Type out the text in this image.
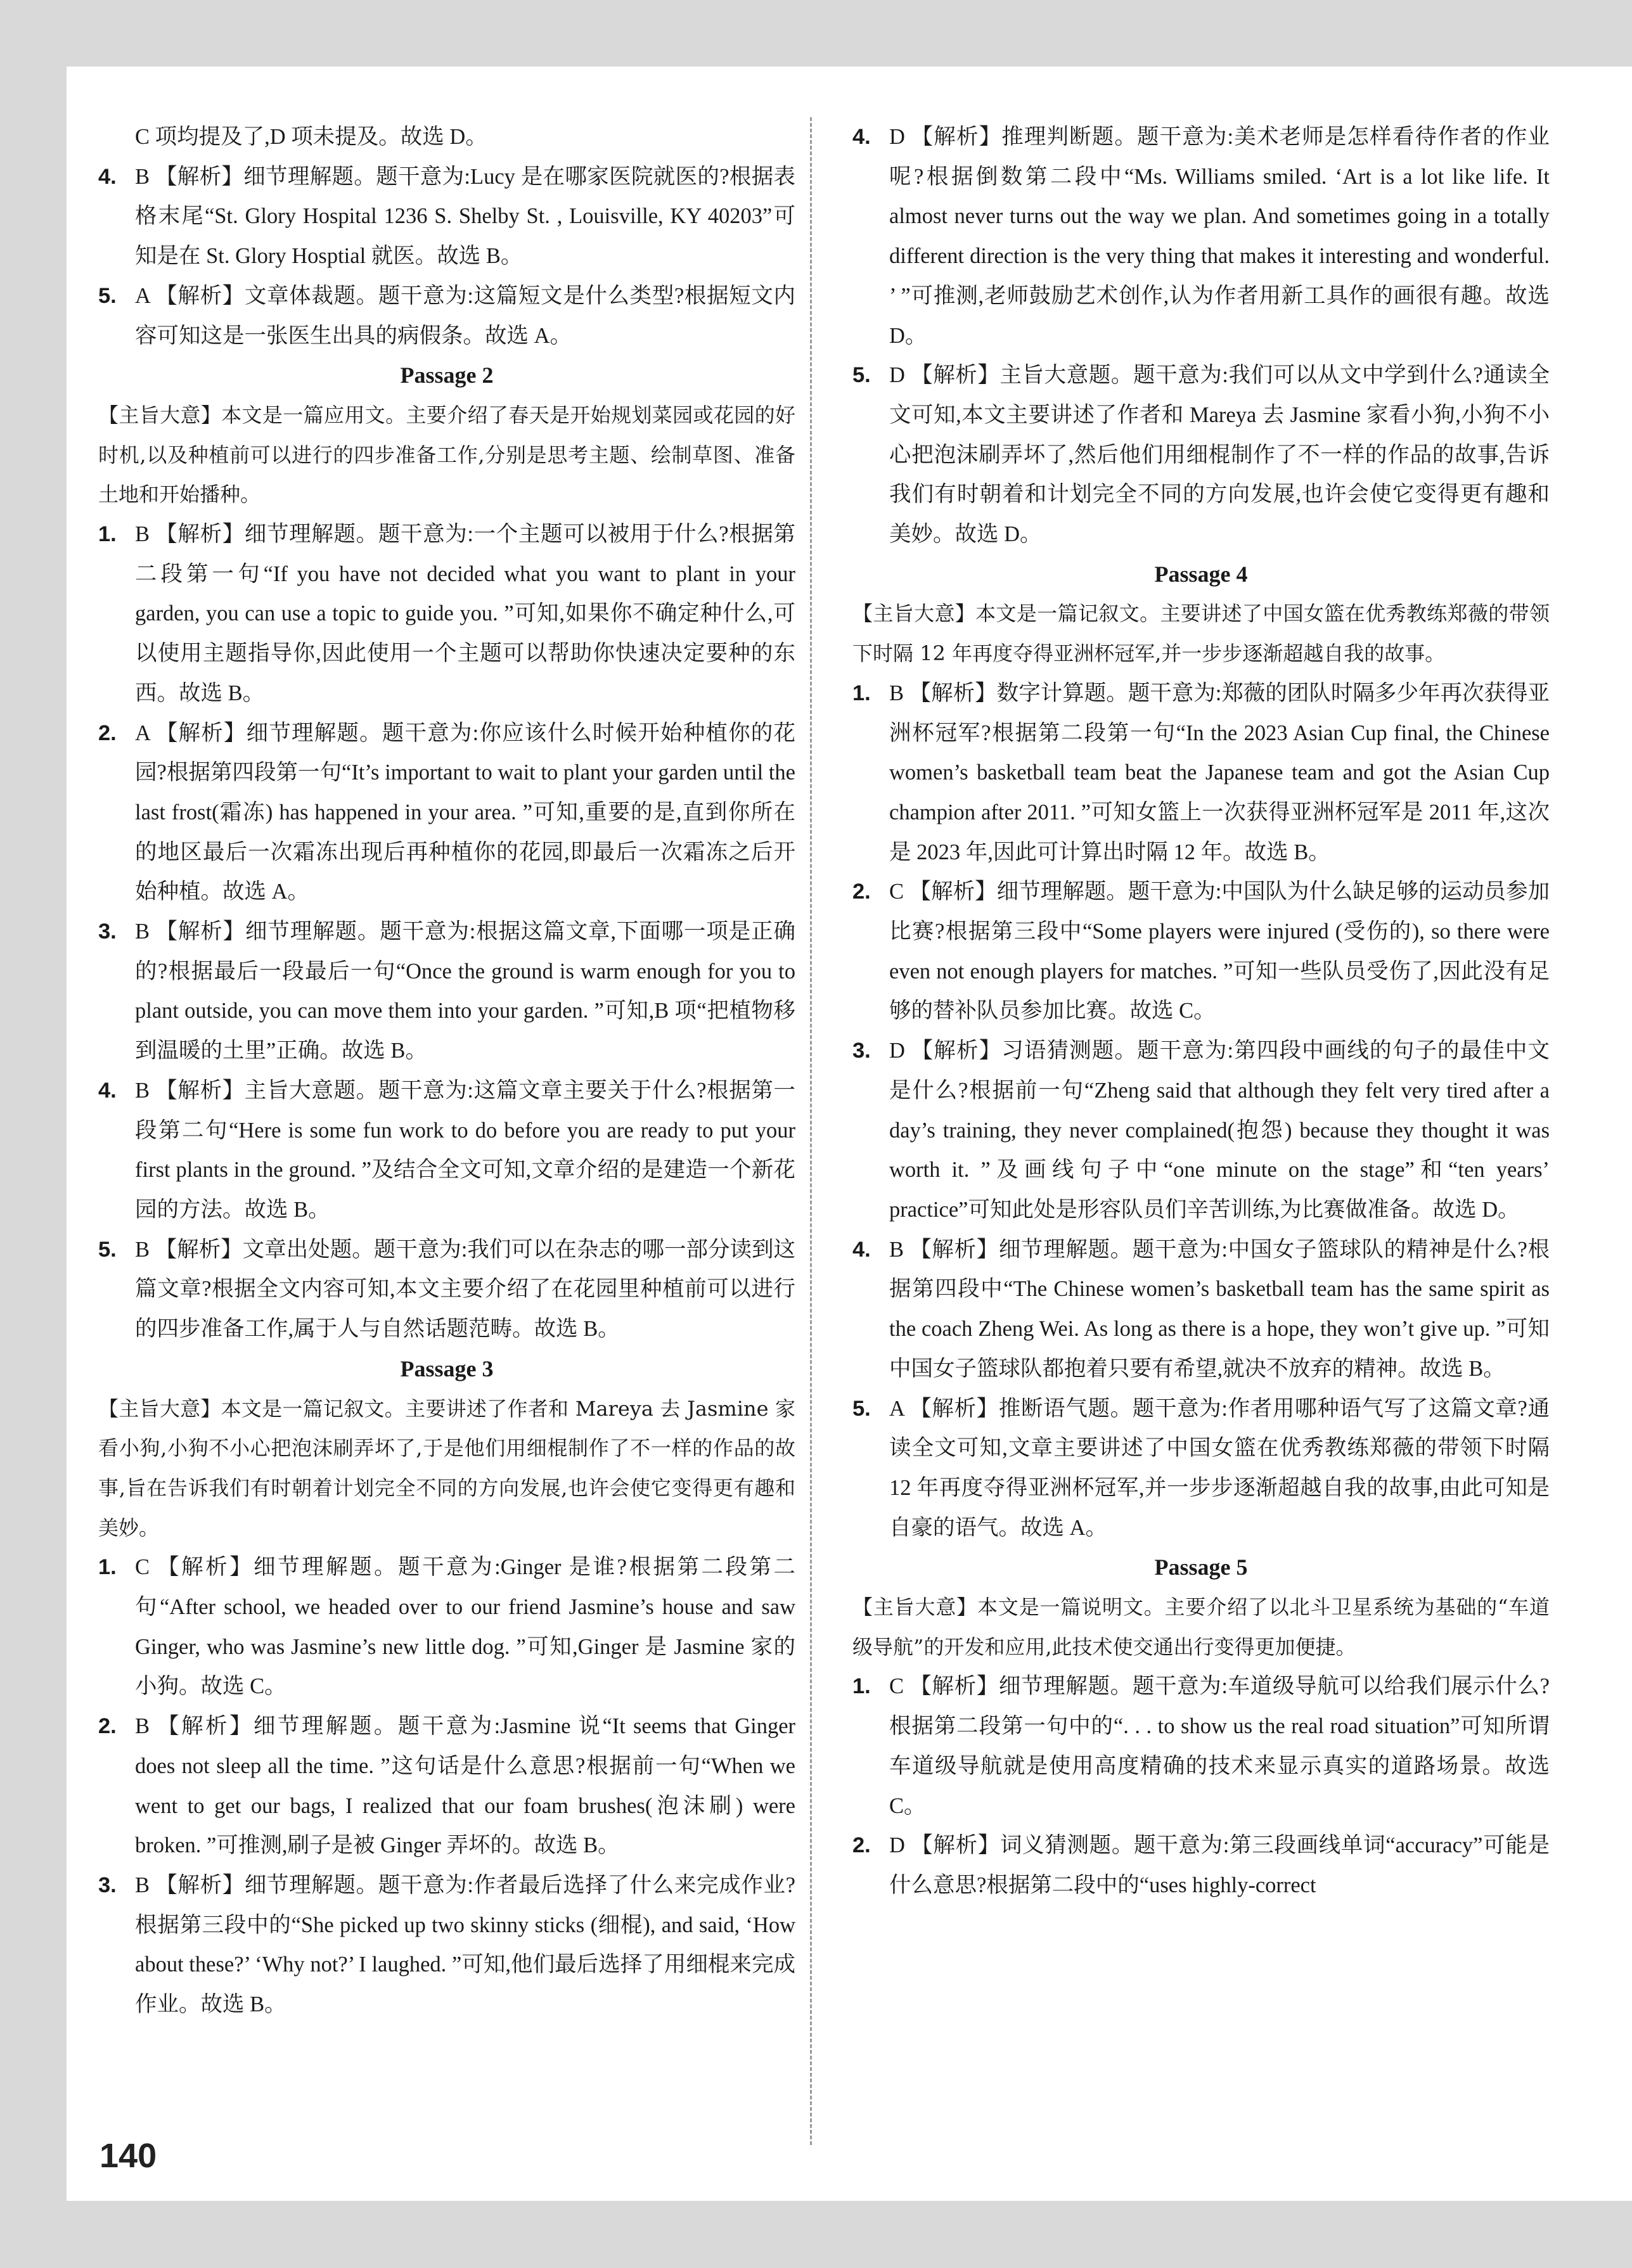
C 项均提及了,D 项未提及。故选 D。

4. B 【解析】细节理解题。题干意为:Lucy 是在哪家医院就医的?根据表格末尾“St. Glory Hospital 1236 S. Shelby St. , Louisville, KY 40203”可知是在 St. Glory Hosptial 就医。故选 B。
5. A 【解析】文章体裁题。题干意为:这篇短文是什么类型?根据短文内容可知这是一张医生出具的病假条。故选 A。

Passage 2

【主旨大意】本文是一篇应用文。主要介绍了春天是开始规划菜园或花园的好时机,以及种植前可以进行的四步准备工作,分别是思考主题、绘制草图、准备土地和开始播种。

1. B 【解析】细节理解题。题干意为:一个主题可以被用于什么?根据第二段第一句“If you have not decided what you want to plant in your garden, you can use a topic to guide you. ”可知,如果你不确定种什么,可以使用主题指导你,因此使用一个主题可以帮助你快速决定要种的东西。故选 B。
2. A 【解析】细节理解题。题干意为:你应该什么时候开始种植你的花园?根据第四段第一句“It’s important to wait to plant your garden until the last frost(霜冻) has happened in your area. ”可知,重要的是,直到你所在的地区最后一次霜冻出现后再种植你的花园,即最后一次霜冻之后开始种植。故选 A。
3. B 【解析】细节理解题。题干意为:根据这篇文章,下面哪一项是正确的?根据最后一段最后一句“Once the ground is warm enough for you to plant outside, you can move them into your garden. ”可知,B 项“把植物移到温暖的土里”正确。故选 B。
4. B 【解析】主旨大意题。题干意为:这篇文章主要关于什么?根据第一段第二句“Here is some fun work to do before you are ready to put your first plants in the ground. ”及结合全文可知,文章介绍的是建造一个新花园的方法。故选 B。
5. B 【解析】文章出处题。题干意为:我们可以在杂志的哪一部分读到这篇文章?根据全文内容可知,本文主要介绍了在花园里种植前可以进行的四步准备工作,属于人与自然话题范畴。故选 B。

Passage 3

【主旨大意】本文是一篇记叙文。主要讲述了作者和 Mareya 去 Jasmine 家看小狗,小狗不小心把泡沫刷弄坏了,于是他们用细棍制作了不一样的作品的故事,旨在告诉我们有时朝着计划完全不同的方向发展,也许会使它变得更有趣和美妙。

1. C 【解析】细节理解题。题干意为:Ginger 是谁?根据第二段第二句“After school, we headed over to our friend Jasmine’s house and saw Ginger, who was Jasmine’s new little dog. ”可知,Ginger 是 Jasmine 家的小狗。故选 C。
2. B 【解析】细节理解题。题干意为:Jasmine 说“It seems that Ginger does not sleep all the time. ”这句话是什么意思?根据前一句“When we went to get our bags, I realized that our foam brushes(泡沫刷) were broken. ”可推测,刷子是被 Ginger 弄坏的。故选 B。
3. B 【解析】细节理解题。题干意为:作者最后选择了什么来完成作业?根据第三段中的“She picked up two skinny sticks (细棍), and said, ‘How about these?’ ‘Why not?’ I laughed. ”可知,他们最后选择了用细棍来完成作业。故选 B。
4. D 【解析】推理判断题。题干意为:美术老师是怎样看待作者的作业呢?根据倒数第二段中“Ms. Williams smiled. ‘Art is a lot like life. It almost never turns out the way we plan. And sometimes going in a totally different direction is the very thing that makes it interesting and wonderful. ’ ”可推测,老师鼓励艺术创作,认为作者用新工具作的画很有趣。故选 D。
5. D 【解析】主旨大意题。题干意为:我们可以从文中学到什么?通读全文可知,本文主要讲述了作者和 Mareya 去 Jasmine 家看小狗,小狗不小心把泡沫刷弄坏了,然后他们用细棍制作了不一样的作品的故事,告诉我们有时朝着和计划完全不同的方向发展,也许会使它变得更有趣和美妙。故选 D。

Passage 4

【主旨大意】本文是一篇记叙文。主要讲述了中国女篮在优秀教练郑薇的带领下时隔 12 年再度夺得亚洲杯冠军,并一步步逐渐超越自我的故事。

1. B 【解析】数字计算题。题干意为:郑薇的团队时隔多少年再次获得亚洲杯冠军?根据第二段第一句“In the 2023 Asian Cup final, the Chinese women’s basketball team beat the Japanese team and got the Asian Cup champion after 2011. ”可知女篮上一次获得亚洲杯冠军是 2011 年,这次是 2023 年,因此可计算出时隔 12 年。故选 B。
2. C 【解析】细节理解题。题干意为:中国队为什么缺足够的运动员参加比赛?根据第三段中“Some players were injured (受伤的), so there were even not enough players for matches. ”可知一些队员受伤了,因此没有足够的替补队员参加比赛。故选 C。
3. D 【解析】习语猜测题。题干意为:第四段中画线的句子的最佳中文是什么?根据前一句“Zheng said that although they felt very tired after a day’s training, they never complained(抱怨) because they thought it was worth it. ”及画线句子中“one minute on the stage”和“ten years’ practice”可知此处是形容队员们辛苦训练,为比赛做准备。故选 D。
4. B 【解析】细节理解题。题干意为:中国女子篮球队的精神是什么?根据第四段中“The Chinese women’s basketball team has the same spirit as the coach Zheng Wei. As long as there is a hope, they won’t give up. ”可知中国女子篮球队都抱着只要有希望,就决不放弃的精神。故选 B。
5. A 【解析】推断语气题。题干意为:作者用哪种语气写了这篇文章?通读全文可知,文章主要讲述了中国女篮在优秀教练郑薇的带领下时隔 12 年再度夺得亚洲杯冠军,并一步步逐渐超越自我的故事,由此可知是自豪的语气。故选 A。

Passage 5

【主旨大意】本文是一篇说明文。主要介绍了以北斗卫星系统为基础的“车道级导航”的开发和应用,此技术使交通出行变得更加便捷。

1. C 【解析】细节理解题。题干意为:车道级导航可以给我们展示什么?根据第二段第一句中的“. . . to show us the real road situation”可知所谓车道级导航就是使用高度精确的技术来显示真实的道路场景。故选 C。
2. D 【解析】词义猜测题。题干意为:第三段画线单词“accuracy”可能是什么意思?根据第二段中的“uses highly-correct
140
